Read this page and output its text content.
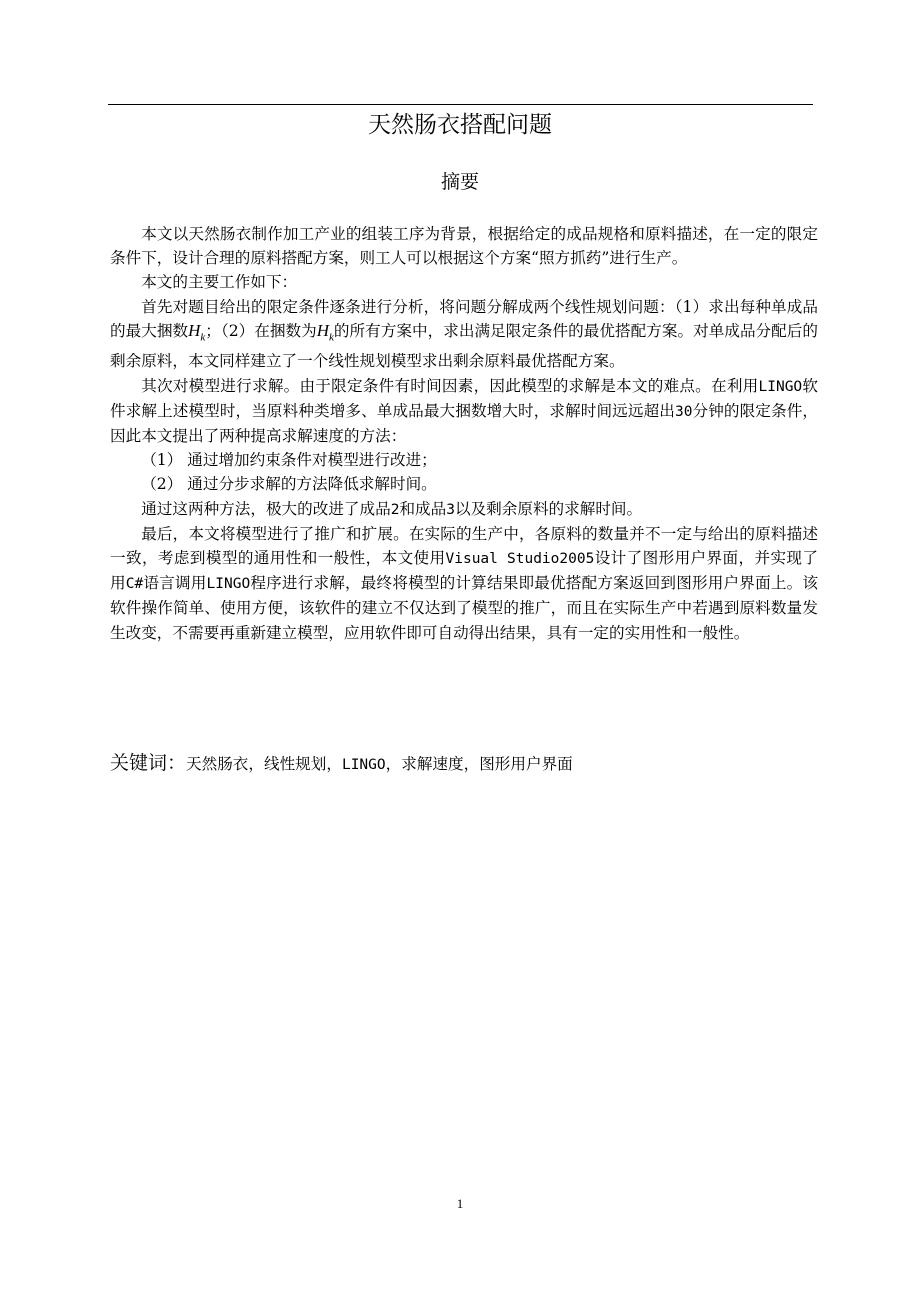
天然肠衣搭配问题
摘要

本文以天然肠衣制作加工产业的组装工序为背景，根据给定的成品规格和原料描述，在一定的限定条件下，设计合理的原料搭配方案，则工人可以根据这个方案“照方抓药”进行生产。

本文的主要工作如下：

首先对题目给出的限定条件逐条进行分析，将问题分解成两个线性规划问题：（1）求出每种单成品的最大捆数$H_k$；（2）在捆数为$H_k$的所有方案中，求出满足限定条件的最优搭配方案。对单成品分配后的剩余原料，本文同样建立了一个线性规划模型求出剩余原料最优搭配方案。

其次对模型进行求解。由于限定条件有时间因素，因此模型的求解是本文的难点。在利用LINGO软件求解上述模型时，当原料种类增多、单成品最大捆数增大时，求解时间远远超出30分钟的限定条件，因此本文提出了两种提高求解速度的方法：

（1） 通过增加约束条件对模型进行改进；

（2） 通过分步求解的方法降低求解时间。

通过这两种方法，极大的改进了成品2和成品3以及剩余原料的求解时间。

最后，本文将模型进行了推广和扩展。在实际的生产中，各原料的数量并不一定与给出的原料描述一致，考虑到模型的通用性和一般性，本文使用Visual Studio2005设计了图形用户界面，并实现了用C#语言调用LINGO程序进行求解，最终将模型的计算结果即最优搭配方案返回到图形用户界面上。该软件操作简单、使用方便，该软件的建立不仅达到了模型的推广，而且在实际生产中若遇到原料数量发生改变，不需要再重新建立模型，应用软件即可自动得出结果，具有一定的实用性和一般性。

关键词：天然肠衣，线性规划，LINGO，求解速度，图形用户界面
1
